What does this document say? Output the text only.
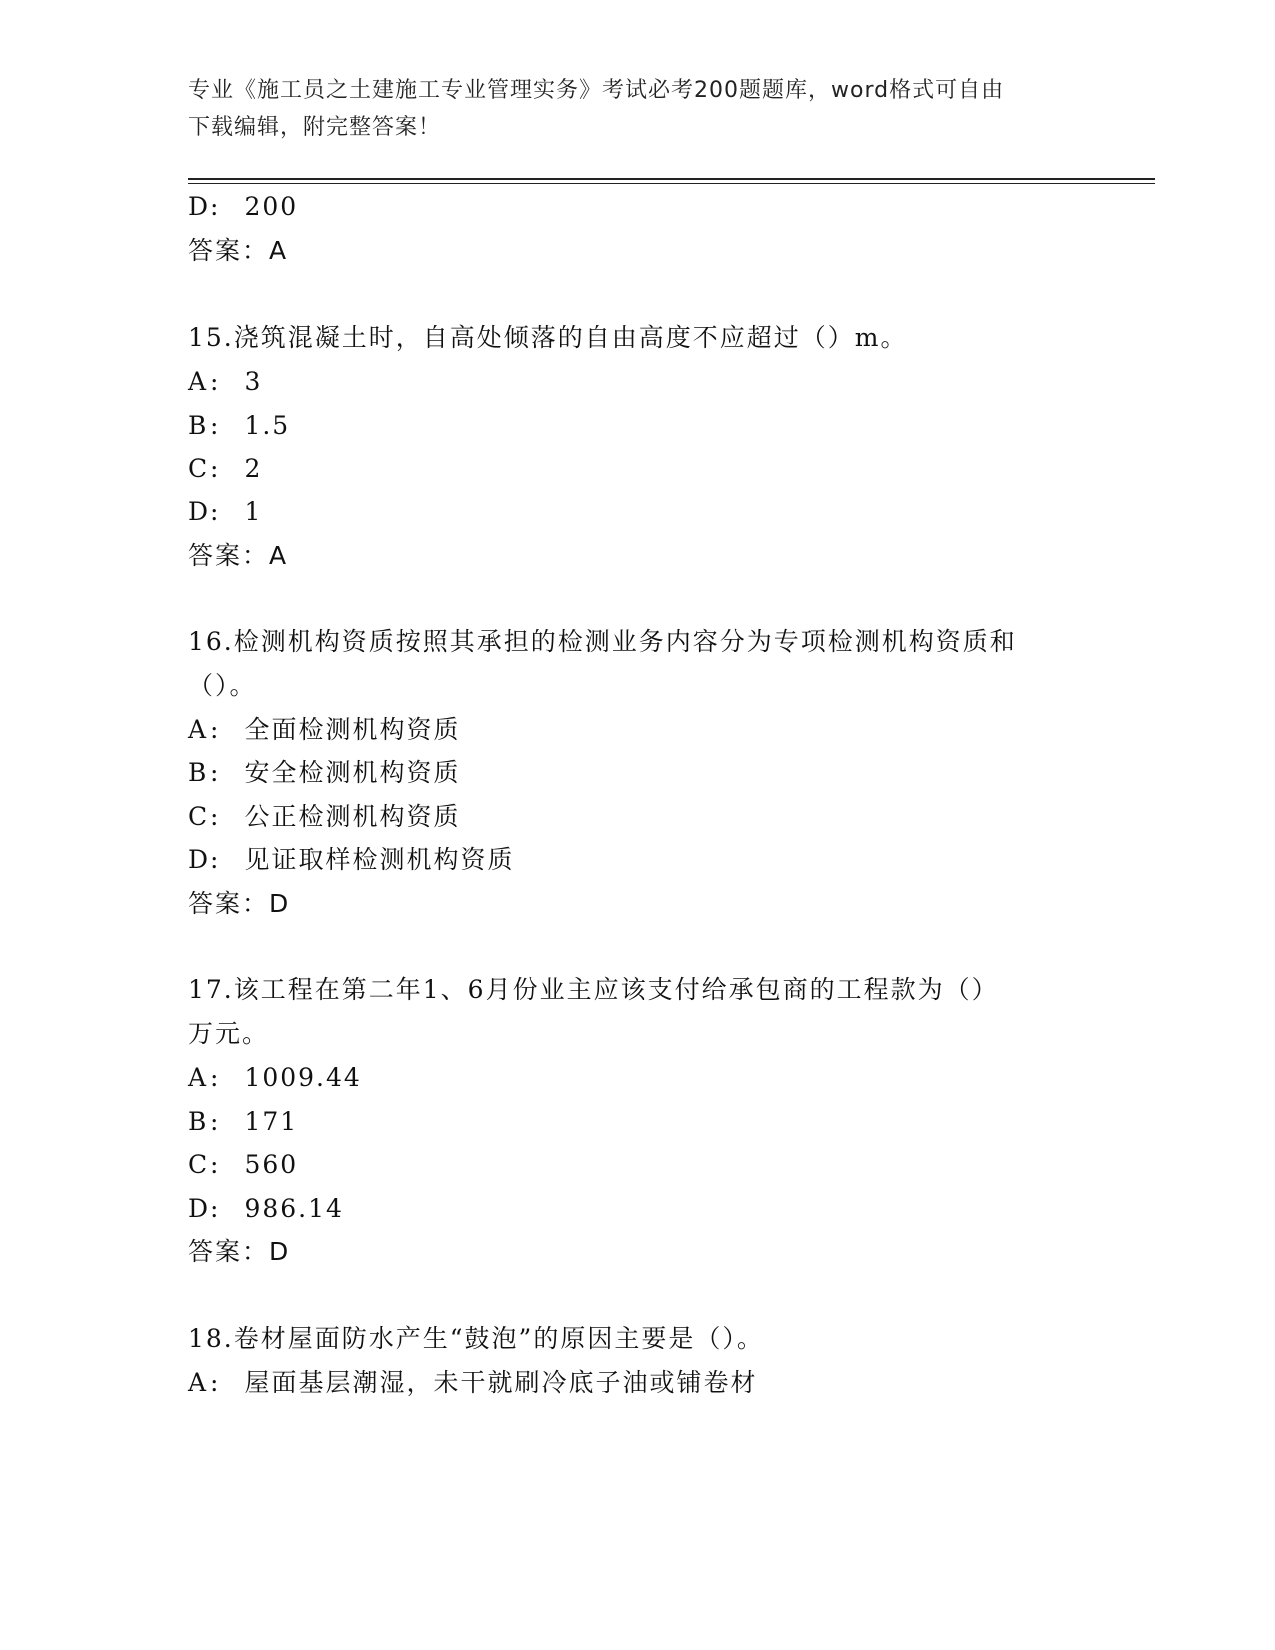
专业《施工员之土建施工专业管理实务》考试必考200题题库，word格式可自由
下载编辑，附完整答案！
D: 200
答案：A
15.浇筑混凝土时，自高处倾落的自由高度不应超过（）m。
A: 3
B: 1.5
C: 2
D: 1
答案：A
16.检测机构资质按照其承担的检测业务内容分为专项检测机构资质和
（）。
A: 全面检测机构资质
B: 安全检测机构资质
C: 公正检测机构资质
D: 见证取样检测机构资质
答案：D
17.该工程在第二年1、6月份业主应该支付给承包商的工程款为（）
万元。
A: 1009.44
B: 171
C: 560
D: 986.14
答案：D
18.卷材屋面防水产生“鼓泡”的原因主要是（）。
A: 屋面基层潮湿，未干就刷冷底子油或铺卷材
